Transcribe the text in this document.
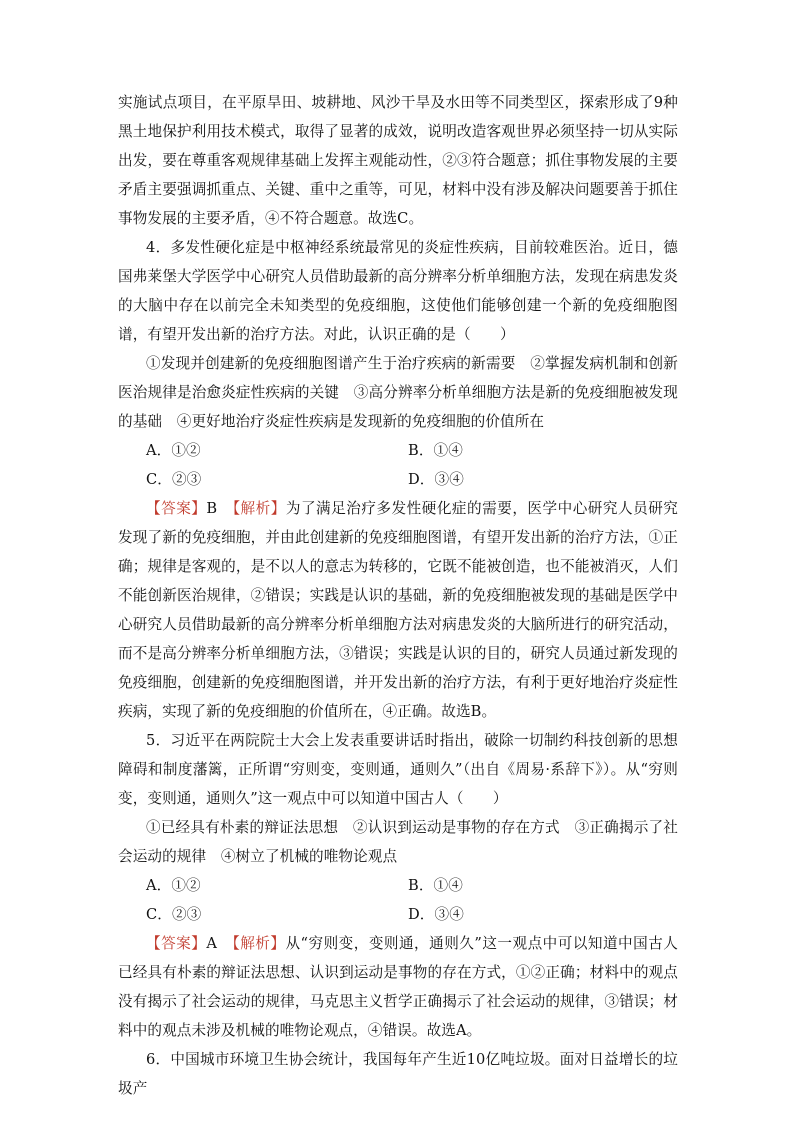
实施试点项目，在平原旱田、坡耕地、风沙干旱及水田等不同类型区，探索形成了9种黑土地保护利用技术模式，取得了显著的成效，说明改造客观世界必须坚持一切从实际出发，要在尊重客观规律基础上发挥主观能动性，②③符合题意；抓住事物发展的主要矛盾主要强调抓重点、关键、重中之重等，可见，材料中没有涉及解决问题要善于抓住事物发展的主要矛盾，④不符合题意。故选C。

4．多发性硬化症是中枢神经系统最常见的炎症性疾病，目前较难医治。近日，德国弗莱堡大学医学中心研究人员借助最新的高分辨率分析单细胞方法，发现在病患发炎的大脑中存在以前完全未知类型的免疫细胞，这使他们能够创建一个新的免疫细胞图谱，有望开发出新的治疗方法。对此，认识正确的是（　　）

①发现并创建新的免疫细胞图谱产生于治疗疾病的新需要　②掌握发病机制和创新医治规律是治愈炎症性疾病的关键　③高分辨率分析单细胞方法是新的免疫细胞被发现的基础　④更好地治疗炎症性疾病是发现新的免疫细胞的价值所在

A．①②	B．①④
C．②③	D．③④

【答案】B　 【解析】为了满足治疗多发性硬化症的需要，医学中心研究人员研究发现了新的免疫细胞，并由此创建新的免疫细胞图谱，有望开发出新的治疗方法，①正确；规律是客观的，是不以人的意志为转移的，它既不能被创造，也不能被消灭，人们不能创新医治规律，②错误；实践是认识的基础，新的免疫细胞被发现的基础是医学中心研究人员借助最新的高分辨率分析单细胞方法对病患发炎的大脑所进行的研究活动，而不是高分辨率分析单细胞方法，③错误；实践是认识的目的，研究人员通过新发现的免疫细胞，创建新的免疫细胞图谱，并开发出新的治疗方法，有利于更好地治疗炎症性疾病，实现了新的免疫细胞的价值所在，④正确。故选B。

5．习近平在两院院士大会上发表重要讲话时指出，破除一切制约科技创新的思想障碍和制度藩篱，正所谓“穷则变，变则通，通则久”（出自《周易·系辞下》）。从“穷则变，变则通，通则久”这一观点中可以知道中国古人（　　）

①已经具有朴素的辩证法思想　②认识到运动是事物的存在方式　③正确揭示了社会运动的规律　④树立了机械的唯物论观点

A．①②	B．①④
C．②③	D．③④

【答案】A　 【解析】从“穷则变，变则通，通则久”这一观点中可以知道中国古人已经具有朴素的辩证法思想、认识到运动是事物的存在方式，①②正确；材料中的观点没有揭示了社会运动的规律，马克思主义哲学正确揭示了社会运动的规律，③错误；材料中的观点未涉及机械的唯物论观点，④错误。故选A。

6．中国城市环境卫生协会统计，我国每年产生近10亿吨垃圾。面对日益增长的垃圾产
